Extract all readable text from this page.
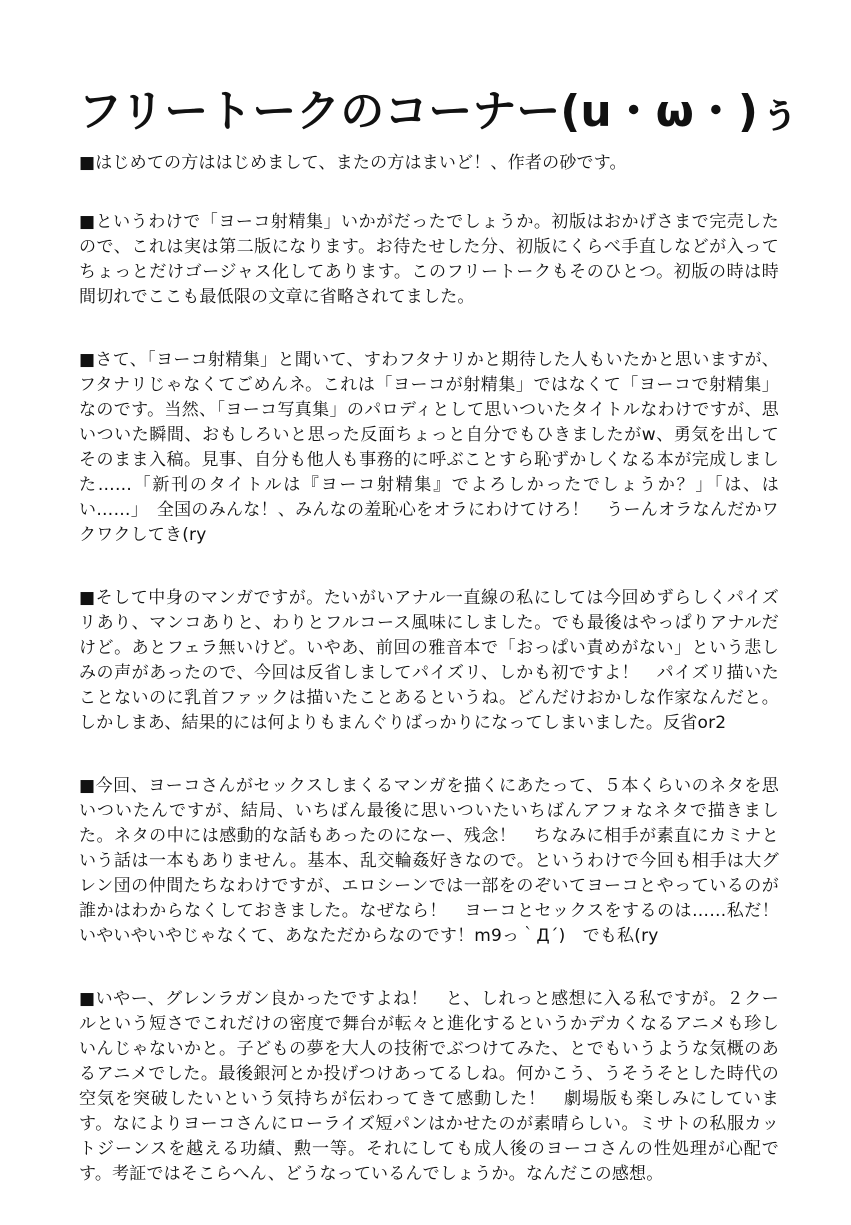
フリートークのコーナー(u・ω・)ぅ

■はじめての方ははじめまして、またの方はまいど！、作者の砂です。

■というわけで「ヨーコ射精集」いかがだったでしょうか。初版はおかげさまで完売したので、これは実は第二版になります。お待たせした分、初版にくらべ手直しなどが入ってちょっとだけゴージャス化してあります。このフリートークもそのひとつ。初版の時は時間切れでここも最低限の文章に省略されてました。

■さて、「ヨーコ射精集」と聞いて、すわフタナリかと期待した人もいたかと思いますが、フタナリじゃなくてごめんネ。これは「ヨーコが射精集」ではなくて「ヨーコで射精集」なのです。当然、「ヨーコ写真集」のパロディとして思いついたタイトルなわけですが、思いついた瞬間、おもしろいと思った反面ちょっと自分でもひきましたがw、勇気を出してそのまま入稿。見事、自分も他人も事務的に呼ぶことすら恥ずかしくなる本が完成しました……「新刊のタイトルは『ヨーコ射精集』でよろしかったでしょうか？」「は、はい……」　全国のみんな！、みんなの羞恥心をオラにわけてけろ！　うーんオラなんだかワクワクしてき(ry

■そして中身のマンガですが。たいがいアナル一直線の私にしては今回めずらしくパイズリあり、マンコありと、わりとフルコース風味にしました。でも最後はやっぱりアナルだけど。あとフェラ無いけど。いやあ、前回の雅音本で「おっぱい責めがない」という悲しみの声があったので、今回は反省しましてパイズリ、しかも初ですよ！　パイズリ描いたことないのに乳首ファックは描いたことあるというね。どんだけおかしな作家なんだと。しかしまあ、結果的には何よりもまんぐりばっかりになってしまいました。反省or2

■今回、ヨーコさんがセックスしまくるマンガを描くにあたって、５本くらいのネタを思いついたんですが、結局、いちばん最後に思いついたいちばんアフォなネタで描きました。ネタの中には感動的な話もあったのになー、残念！　ちなみに相手が素直にカミナという話は一本もありません。基本、乱交輪姦好きなので。というわけで今回も相手は大グレン団の仲間たちなわけですが、エロシーンでは一部をのぞいてヨーコとやっているのが誰かはわからなくしておきました。なぜなら！　ヨーコとセックスをするのは……私だ！いやいやいやじゃなくて、あなただからなのです！m9っ｀Д´)　でも私(ry

■いやー、グレンラガン良かったですよね！　と、しれっと感想に入る私ですが。２クールという短さでこれだけの密度で舞台が転々と進化するというかデカくなるアニメも珍しいんじゃないかと。子どもの夢を大人の技術でぶつけてみた、とでもいうような気概のあるアニメでした。最後銀河とか投げつけあってるしね。何かこう、うそうそとした時代の空気を突破したいという気持ちが伝わってきて感動した！　劇場版も楽しみにしています。なによりヨーコさんにローライズ短パンはかせたのが素晴らしい。ミサトの私服カットジーンスを越える功績、勲一等。それにしても成人後のヨーコさんの性処理が心配です。考証ではそこらへん、どうなっているんでしょうか。なんだこの感想。
